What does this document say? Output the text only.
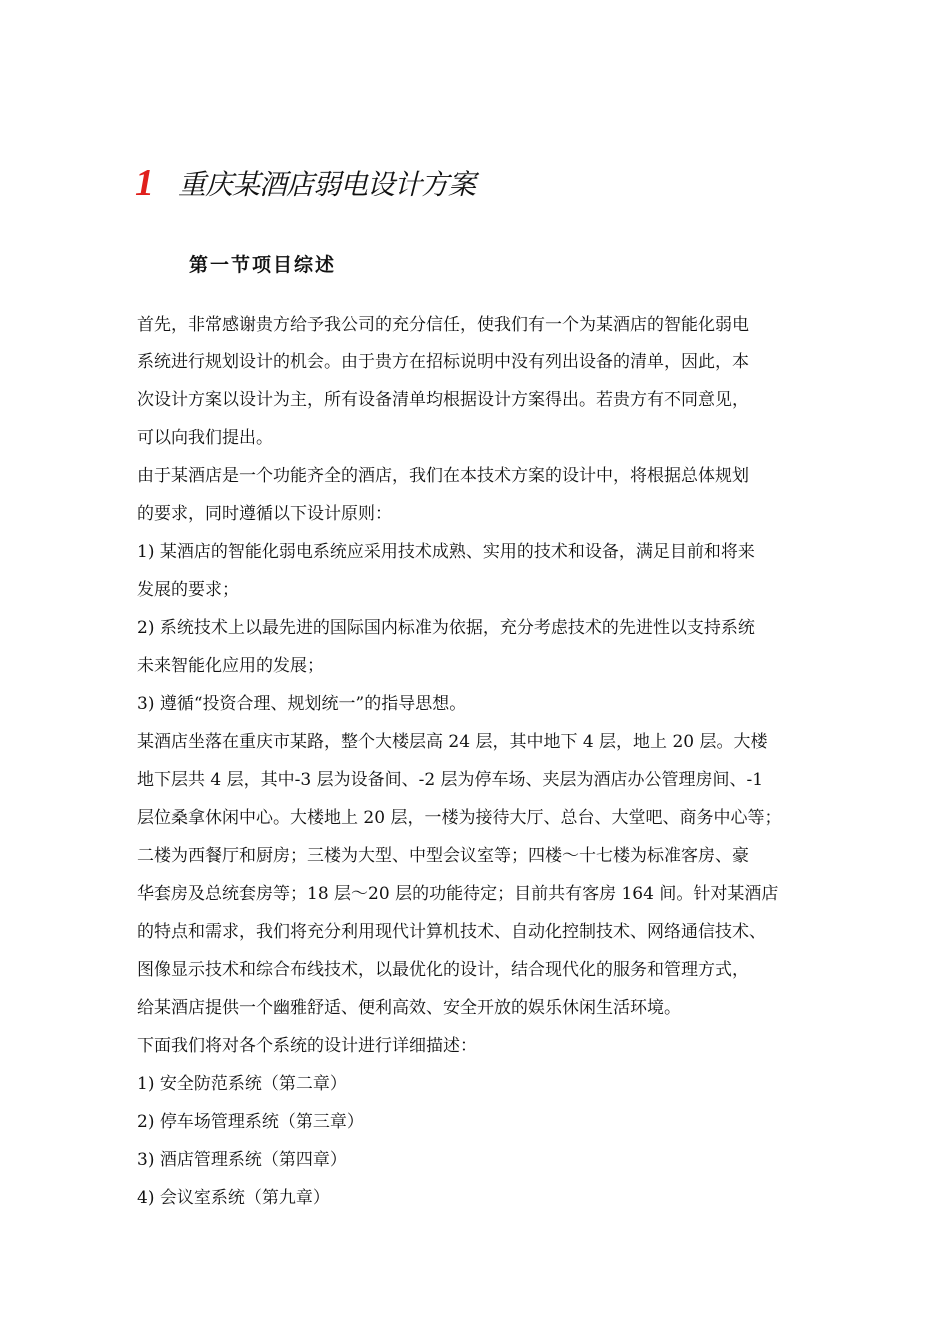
1 重庆某酒店弱电设计方案
第一节项目综述
首先，非常感谢贵方给予我公司的充分信任，使我们有一个为某酒店的智能化弱电
系统进行规划设计的机会。由于贵方在招标说明中没有列出设备的清单，因此，本
次设计方案以设计为主，所有设备清单均根据设计方案得出。若贵方有不同意见，
可以向我们提出。
由于某酒店是一个功能齐全的酒店，我们在本技术方案的设计中，将根据总体规划
的要求，同时遵循以下设计原则：
1) 某酒店的智能化弱电系统应采用技术成熟、实用的技术和设备，满足目前和将来
发展的要求；
2) 系统技术上以最先进的国际国内标准为依据，充分考虑技术的先进性以支持系统
未来智能化应用的发展；
3) 遵循“投资合理、规划统一”的指导思想。
某酒店坐落在重庆市某路，整个大楼层高 24 层，其中地下 4 层，地上 20 层。大楼
地下层共 4 层，其中-3 层为设备间、-2 层为停车场、夹层为酒店办公管理房间、-1
层位桑拿休闲中心。大楼地上 20 层，一楼为接待大厅、总台、大堂吧、商务中心等；
二楼为西餐厅和厨房；三楼为大型、中型会议室等；四楼～十七楼为标准客房、豪
华套房及总统套房等；18 层～20 层的功能待定；目前共有客房 164 间。针对某酒店
的特点和需求，我们将充分利用现代计算机技术、自动化控制技术、网络通信技术、
图像显示技术和综合布线技术，以最优化的设计，结合现代化的服务和管理方式，
给某酒店提供一个幽雅舒适、便利高效、安全开放的娱乐休闲生活环境。
下面我们将对各个系统的设计进行详细描述：
1) 安全防范系统（第二章）
2) 停车场管理系统（第三章）
3) 酒店管理系统（第四章）
4) 会议室系统（第九章）
